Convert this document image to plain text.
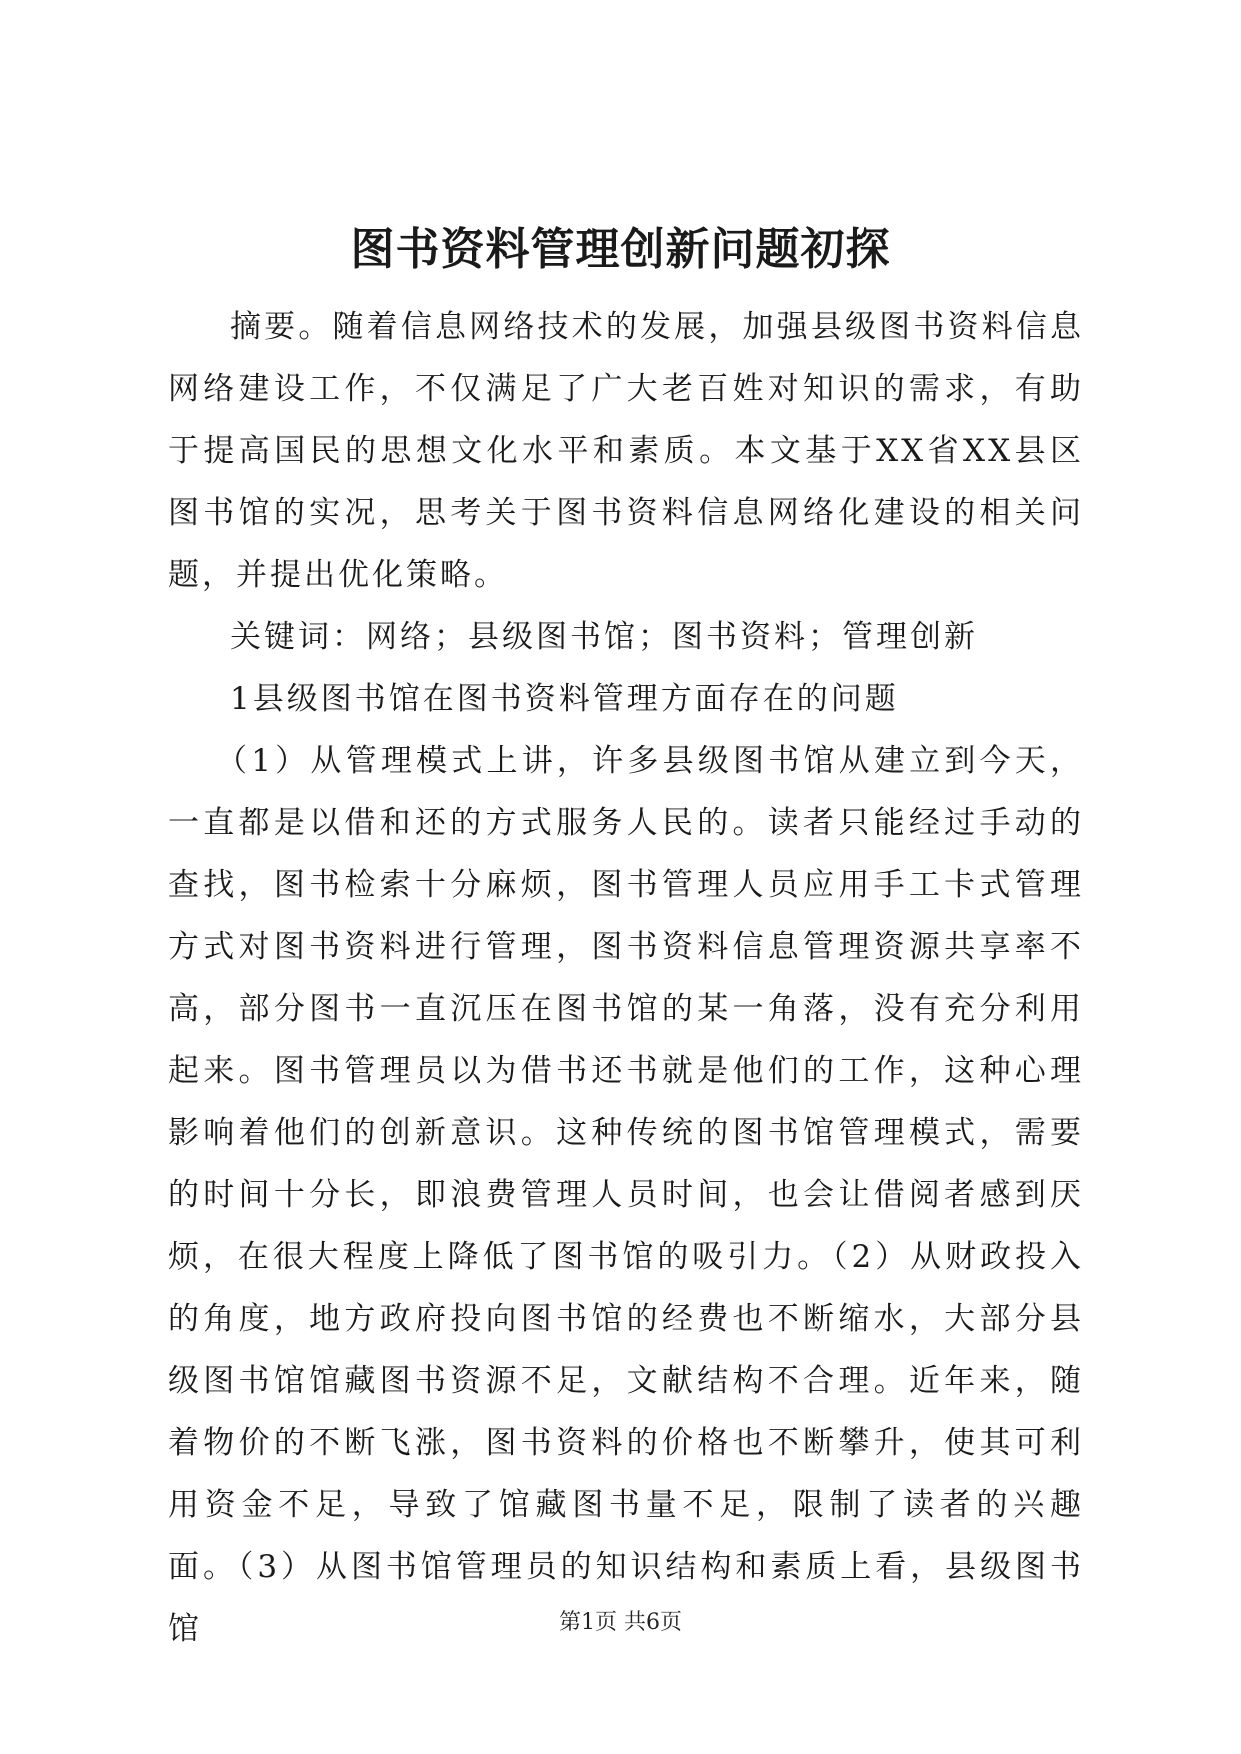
图书资料管理创新问题初探

摘要。随着信息网络技术的发展，加强县级图书资料信息网络建设工作，不仅满足了广大老百姓对知识的需求，有助于提高国民的思想文化水平和素质。本文基于XX省XX县区图书馆的实况，思考关于图书资料信息网络化建设的相关问题，并提出优化策略。

关键词：网络；县级图书馆；图书资料；管理创新

1县级图书馆在图书资料管理方面存在的问题

（1）从管理模式上讲，许多县级图书馆从建立到今天，一直都是以借和还的方式服务人民的。读者只能经过手动的查找，图书检索十分麻烦，图书管理人员应用手工卡式管理方式对图书资料进行管理，图书资料信息管理资源共享率不高，部分图书一直沉压在图书馆的某一角落，没有充分利用起来。图书管理员以为借书还书就是他们的工作，这种心理影响着他们的创新意识。这种传统的图书馆管理模式，需要的时间十分长，即浪费管理人员时间，也会让借阅者感到厌烦，在很大程度上降低了图书馆的吸引力。（2）从财政投入的角度，地方政府投向图书馆的经费也不断缩水，大部分县级图书馆馆藏图书资源不足，文献结构不合理。近年来，随着物价的不断飞涨，图书资料的价格也不断攀升，使其可利用资金不足，导致了馆藏图书量不足，限制了读者的兴趣面。（3）从图书馆管理员的知识结构和素质上看，县级图书馆	第1页 共6页
